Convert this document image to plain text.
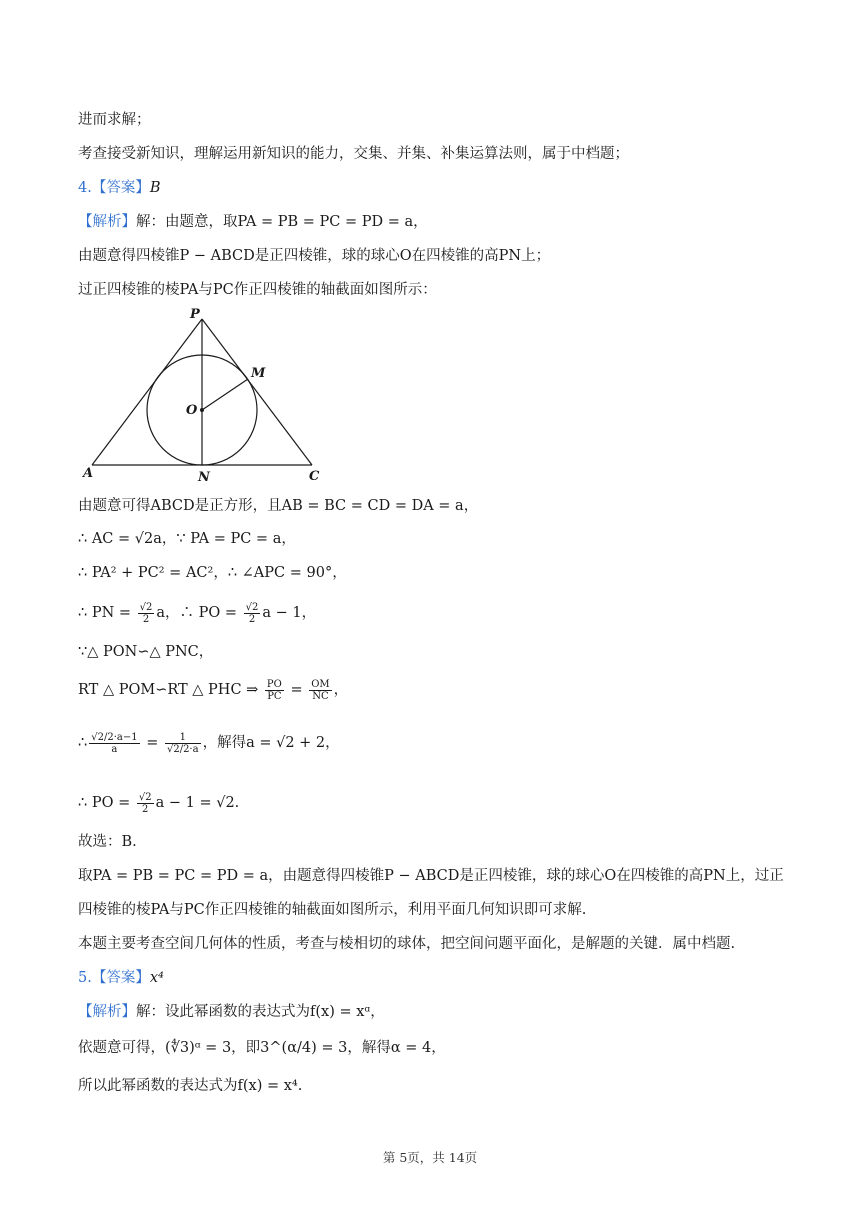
进而求解；
考查接受新知识，理解运用新知识的能力，交集、并集、补集运算法则，属于中档题；
4.【答案】B
【解析】解：由题意，取PA = PB = PC = PD = a，
由题意得四棱锥P − ABCD是正四棱锥，球的球心O在四棱锥的高PN上；
过正四棱锥的棱PA与PC作正四棱锥的轴截面如图所示：
P
M
O
A	N	C
由题意可得ABCD是正方形，且AB = BC = CD = DA = a，
∴ AC = √2a，∵ PA = PC = a，
∴ PA² + PC² = AC²，∴ ∠APC = 90°，
∴ PN = $\frac{√2}{2}$ a，∴ PO = $\frac{√2}{2}$ a − 1，
∵△ PON∽△ PNC，
RT △ POM∽RT △ PHC ⇒ $\frac{PO}{PC} = \frac{OM}{NC}$ ，
∴ $\frac{√2/2\cdot a-1}{a} = \frac{1}{√2/2\cdot a}$ ，解得a = √2 + 2，
∴ PO = $\frac{√2}{2}$ a − 1 = √2.
故选：B.
取PA = PB = PC = PD = a，由题意得四棱锥P − ABCD是正四棱锥，球的球心O在四棱锥的高PN上，过正
四棱锥的棱PA与PC作正四棱锥的轴截面如图所示，利用平面几何知识即可求解.
本题主要考查空间几何体的性质，考查与棱相切的球体，把空间问题平面化，是解题的关键．属中档题.
5.【答案】x⁴
【解析】解：设此幂函数的表达式为f(x) = xᵅ，
依题意可得，(∜3)ᵅ = 3，即3^(α/4) = 3，解得α = 4，
所以此幂函数的表达式为f(x) = x⁴.
第 5页，共 14页
